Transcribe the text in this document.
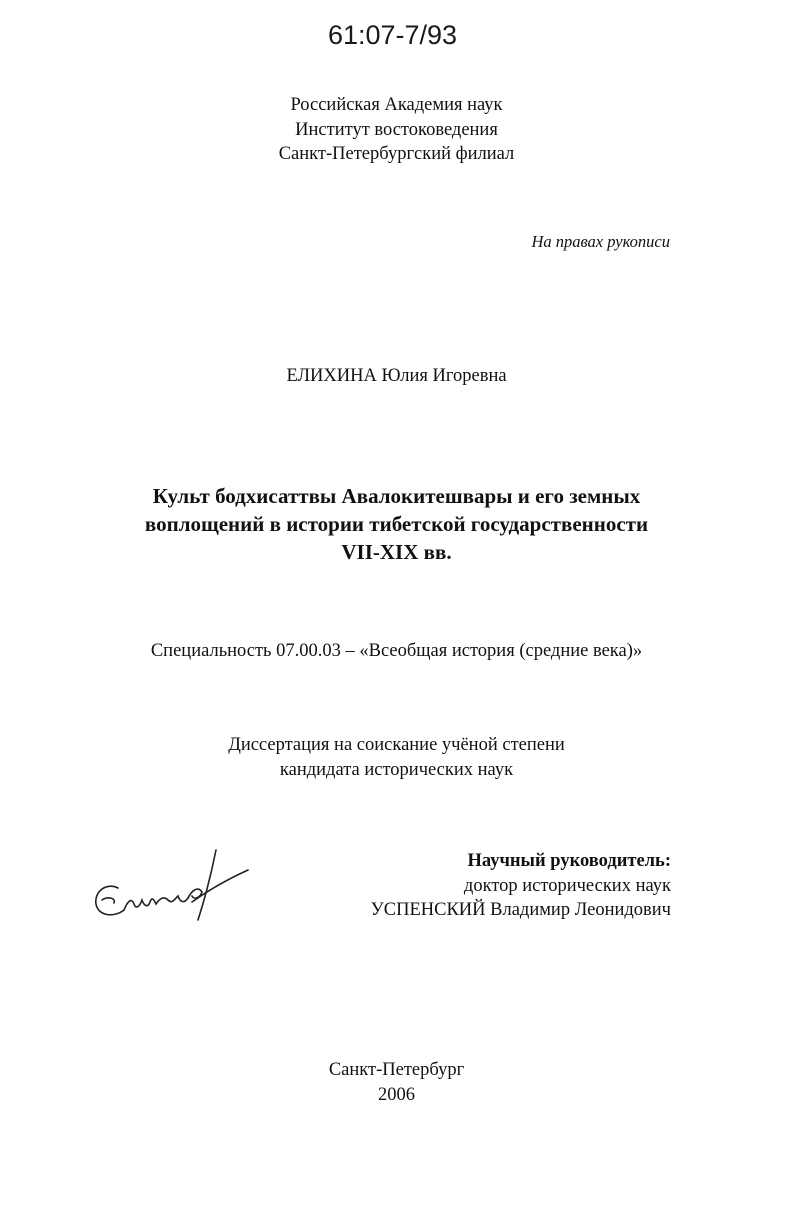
61:07-7/93
Российская Академия наук
Институт востоковедения
Санкт-Петербургский филиал
На правах рукописи
ЕЛИХИНА Юлия Игоревна
Культ бодхисаттвы Авалокитешвары и его земных
воплощений в истории тибетской государственности
VII-XIX вв.
Специальность 07.00.03 – «Всеобщая история (средние века)»
Диссертация на соискание учёной степени
кандидата исторических наук
Научный руководитель:
доктор исторических наук
УСПЕНСКИЙ Владимир Леонидович
Санкт-Петербург
2006
